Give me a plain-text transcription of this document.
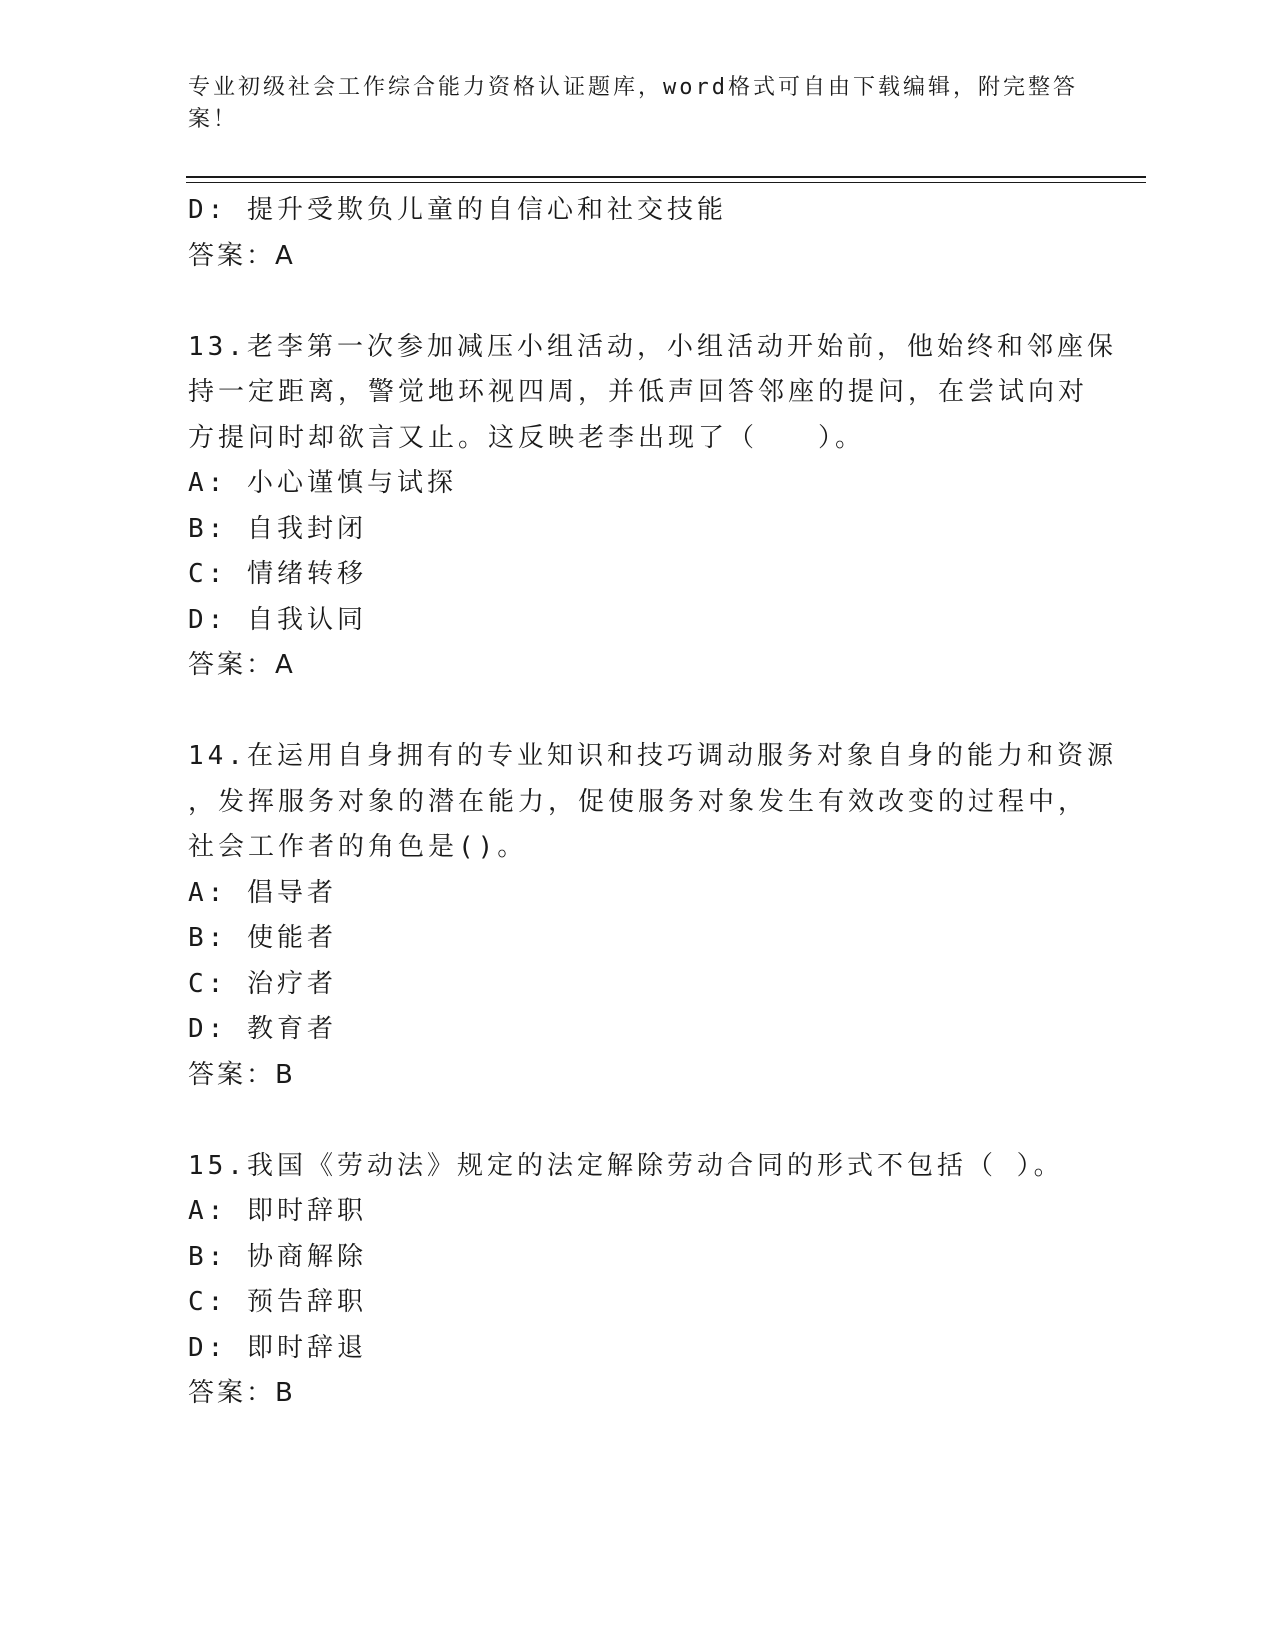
专业初级社会工作综合能力资格认证题库，word格式可自由下载编辑，附完整答
案！
D: 提升受欺负儿童的自信心和社交技能
答案：A
13.老李第一次参加减压小组活动，小组活动开始前，他始终和邻座保
持一定距离，警觉地环视四周，并低声回答邻座的提问，在尝试向对
方提问时却欲言又止。这反映老李出现了（　　）。
A: 小心谨慎与试探
B: 自我封闭
C: 情绪转移
D: 自我认同
答案：A
14.在运用自身拥有的专业知识和技巧调动服务对象自身的能力和资源
，发挥服务对象的潜在能力，促使服务对象发生有效改变的过程中，
社会工作者的角色是()。
A: 倡导者
B: 使能者
C: 治疗者
D: 教育者
答案：B
15.我国《劳动法》规定的法定解除劳动合同的形式不包括（ ）。
A: 即时辞职
B: 协商解除
C: 预告辞职
D: 即时辞退
答案：B
